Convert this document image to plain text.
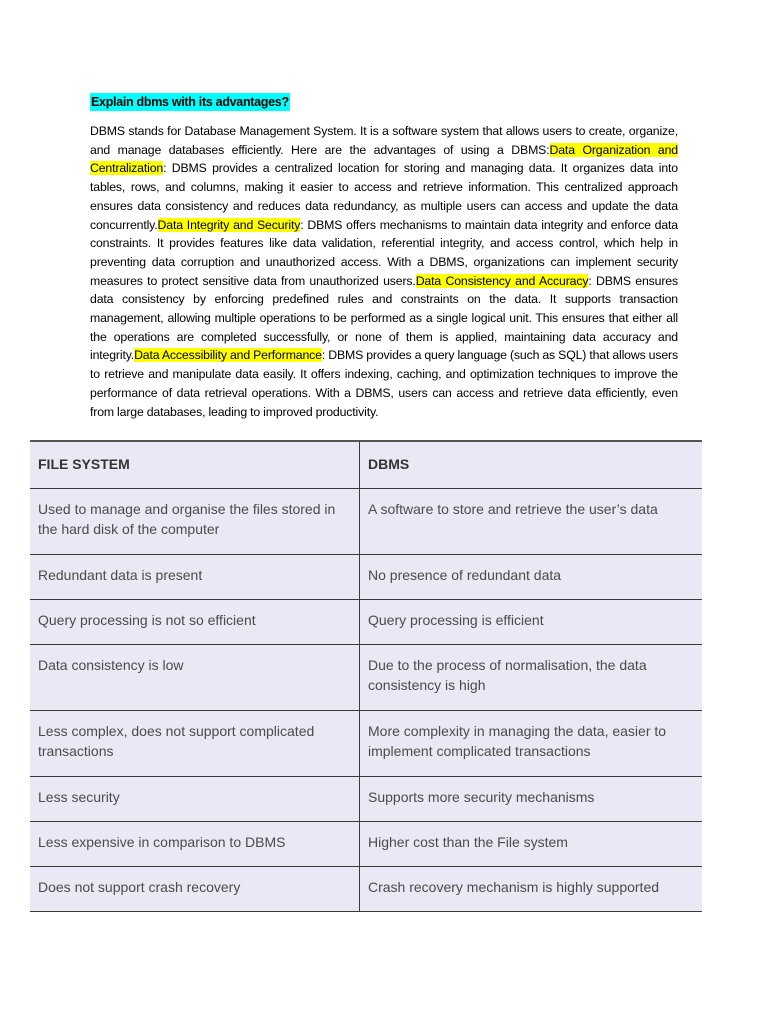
Explain dbms with its advantages?
DBMS stands for Database Management System. It is a software system that allows users to create, organize, and manage databases efficiently. Here are the advantages of using a DBMS:Data Organization and Centralization: DBMS provides a centralized location for storing and managing data. It organizes data into tables, rows, and columns, making it easier to access and retrieve information. This centralized approach ensures data consistency and reduces data redundancy, as multiple users can access and update the data concurrently.Data Integrity and Security: DBMS offers mechanisms to maintain data integrity and enforce data constraints. It provides features like data validation, referential integrity, and access control, which help in preventing data corruption and unauthorized access. With a DBMS, organizations can implement security measures to protect sensitive data from unauthorized users.Data Consistency and Accuracy: DBMS ensures data consistency by enforcing predefined rules and constraints on the data. It supports transaction management, allowing multiple operations to be performed as a single logical unit. This ensures that either all the operations are completed successfully, or none of them is applied, maintaining data accuracy and integrity.Data Accessibility and Performance: DBMS provides a query language (such as SQL) that allows users to retrieve and manipulate data easily. It offers indexing, caching, and optimization techniques to improve the performance of data retrieval operations. With a DBMS, users can access and retrieve data efficiently, even from large databases, leading to improved productivity.
FILE SYSTEM	DBMS
Used to manage and organise the files stored in the hard disk of the computer	A software to store and retrieve the user’s data
Redundant data is present	No presence of redundant data
Query processing is not so efficient	Query processing is efficient
Data consistency is low	Due to the process of normalisation, the data consistency is high
Less complex, does not support complicated transactions	More complexity in managing the data, easier to implement complicated transactions
Less security	Supports more security mechanisms
Less expensive in comparison to DBMS	Higher cost than the File system
Does not support crash recovery	Crash recovery mechanism is highly supported
